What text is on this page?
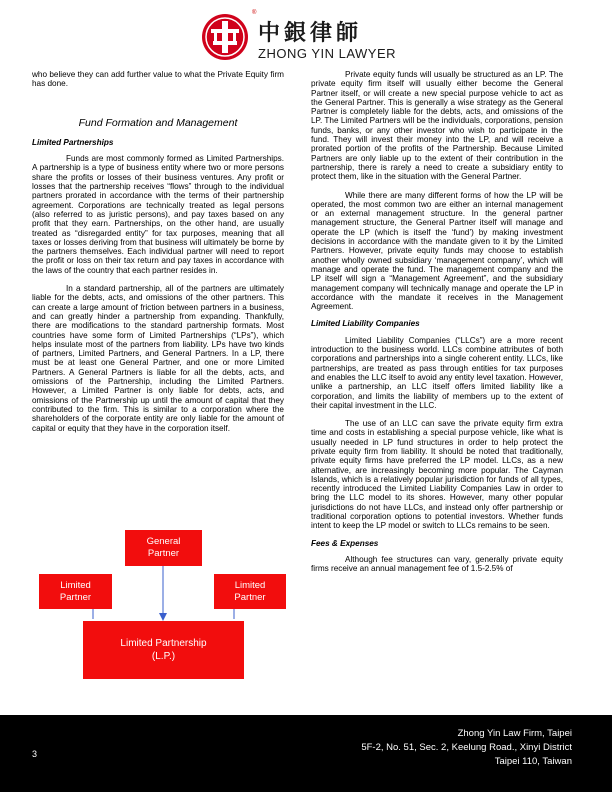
®
中銀律師
ZHONG YIN LAWYER

who believe they can add further value to what the Private Equity firm has done.

Fund Formation and Management
Limited Partnerships

Funds are most commonly formed as Limited Partnerships. A partnership is a type of business entity where two or more persons share the profits or losses of their business ventures. Any profit or losses that the partnership receives “flows” through to the individual partners prorated in accordance with the terms of their partnership agreement. Corporations are technically treated as legal persons (also referred to as juristic persons), and pay taxes based on any profit that they earn. Partnerships, on the other hand, are usually treated as “disregarded entity” for tax purposes, meaning that all taxes or losses deriving from that business will ultimately be borne by the partners themselves. Each individual partner will need to report the profit or loss on their tax return and pay taxes in accordance with the laws of the country that each partner resides in.

In a standard partnership, all of the partners are ultimately liable for the debts, acts, and omissions of the other partners. This can create a large amount of friction between partners in a business, and can greatly hinder a partnership from expanding. Thankfully, there are modifications to the standard partnership formats. Most countries have some form of Limited Partnerships (“LPs”), which helps insulate most of the partners from liability. LPs have two kinds of partners, Limited Partners, and General Partners. In a LP, there must be at least one General Partner, and one or more Limited Partners. A General Partners is liable for all the debts, acts, and omissions of the Partnership, including the Limited Partners. However, a Limited Partner is only liable for debts, acts, and omissions of the Partnership up until the amount of capital that they contributed to the firm. This is similar to a corporation where the shareholders of the corporate entity are only liable for the amount of capital or equity that they have in the corporation itself.

General
Partner
Limited
Partner
Limited
Partner
Limited Partnership
(L.P.)

Private equity funds will usually be structured as an LP. The private equity firm itself will usually either become the General Partner itself, or will create a new special purpose vehicle to act as the General Partner. This is generally a wise strategy as the General Partner is completely liable for the debts, acts, and omissions of the LP. The Limited Partners will be the individuals, corporations, pension funds, banks, or any other investor who wish to participate in the fund. They will invest their money into the LP, and will receive a prorated portion of the profits of the Partnership. Because Limited Partners are only liable up to the extent of their contribution in the partnership, there is rarely a need to create a subsidiary entity to protect them, like in the situation with the General Partner.

While there are many different forms of how the LP will be operated, the most common two are either an internal management or an external management structure. In the general partner management structure, the General Partner itself will manage and operate the LP (which is itself the ‘fund’) by making investment decisions in accordance with the mandate given to it by the Limited Partners. However, private equity funds may choose to establish another wholly owned subsidiary ‘management company’, which will manage and operate the fund. The management company and the LP itself will sign a “Management Agreement”, and the subsidiary management company will technically manage and operate the LP in accordance with the mandate it receives in the Management Agreement.

Limited Liability Companies

Limited Liability Companies (“LLCs”) are a more recent introduction to the business world. LLCs combine attributes of both corporations and partnerships into a single coherent entity. LLCs, like partnerships, are treated as pass through entities for tax purposes and enables the LLC itself to avoid any entity level taxation. However, unlike a partnership, an LLC itself offers limited liability like a corporation, and limits the liability of members up to the extent of their capital investment in the LLC.

The use of an LLC can save the private equity firm extra time and costs in establishing a special purpose vehicle, like what is usually needed in LP fund structures in order to help protect the private equity firm from liability. It should be noted that traditionally, private equity firms have preferred the LP model. LLCs, as a new alternative, are increasingly becoming more popular. The Cayman Islands, which is a relatively popular jurisdiction for funds of all types, recently introduced the Limited Liability Companies Law in order to bring the LLC model to its shores. However, many other popular jurisdictions do not have LLCs, and instead only offer partnership or traditional corporation options to potential investors. Whether funds intent to keep the LP model or switch to LLCs remains to be seen.

Fees & Expenses

Although fee structures can vary, generally private equity firms receive an annual management fee of 1.5-2.5% of

3
Zhong Yin Law Firm, Taipei
5F-2, No. 51, Sec. 2, Keelung Road., Xinyi District
Taipei 110, Taiwan
